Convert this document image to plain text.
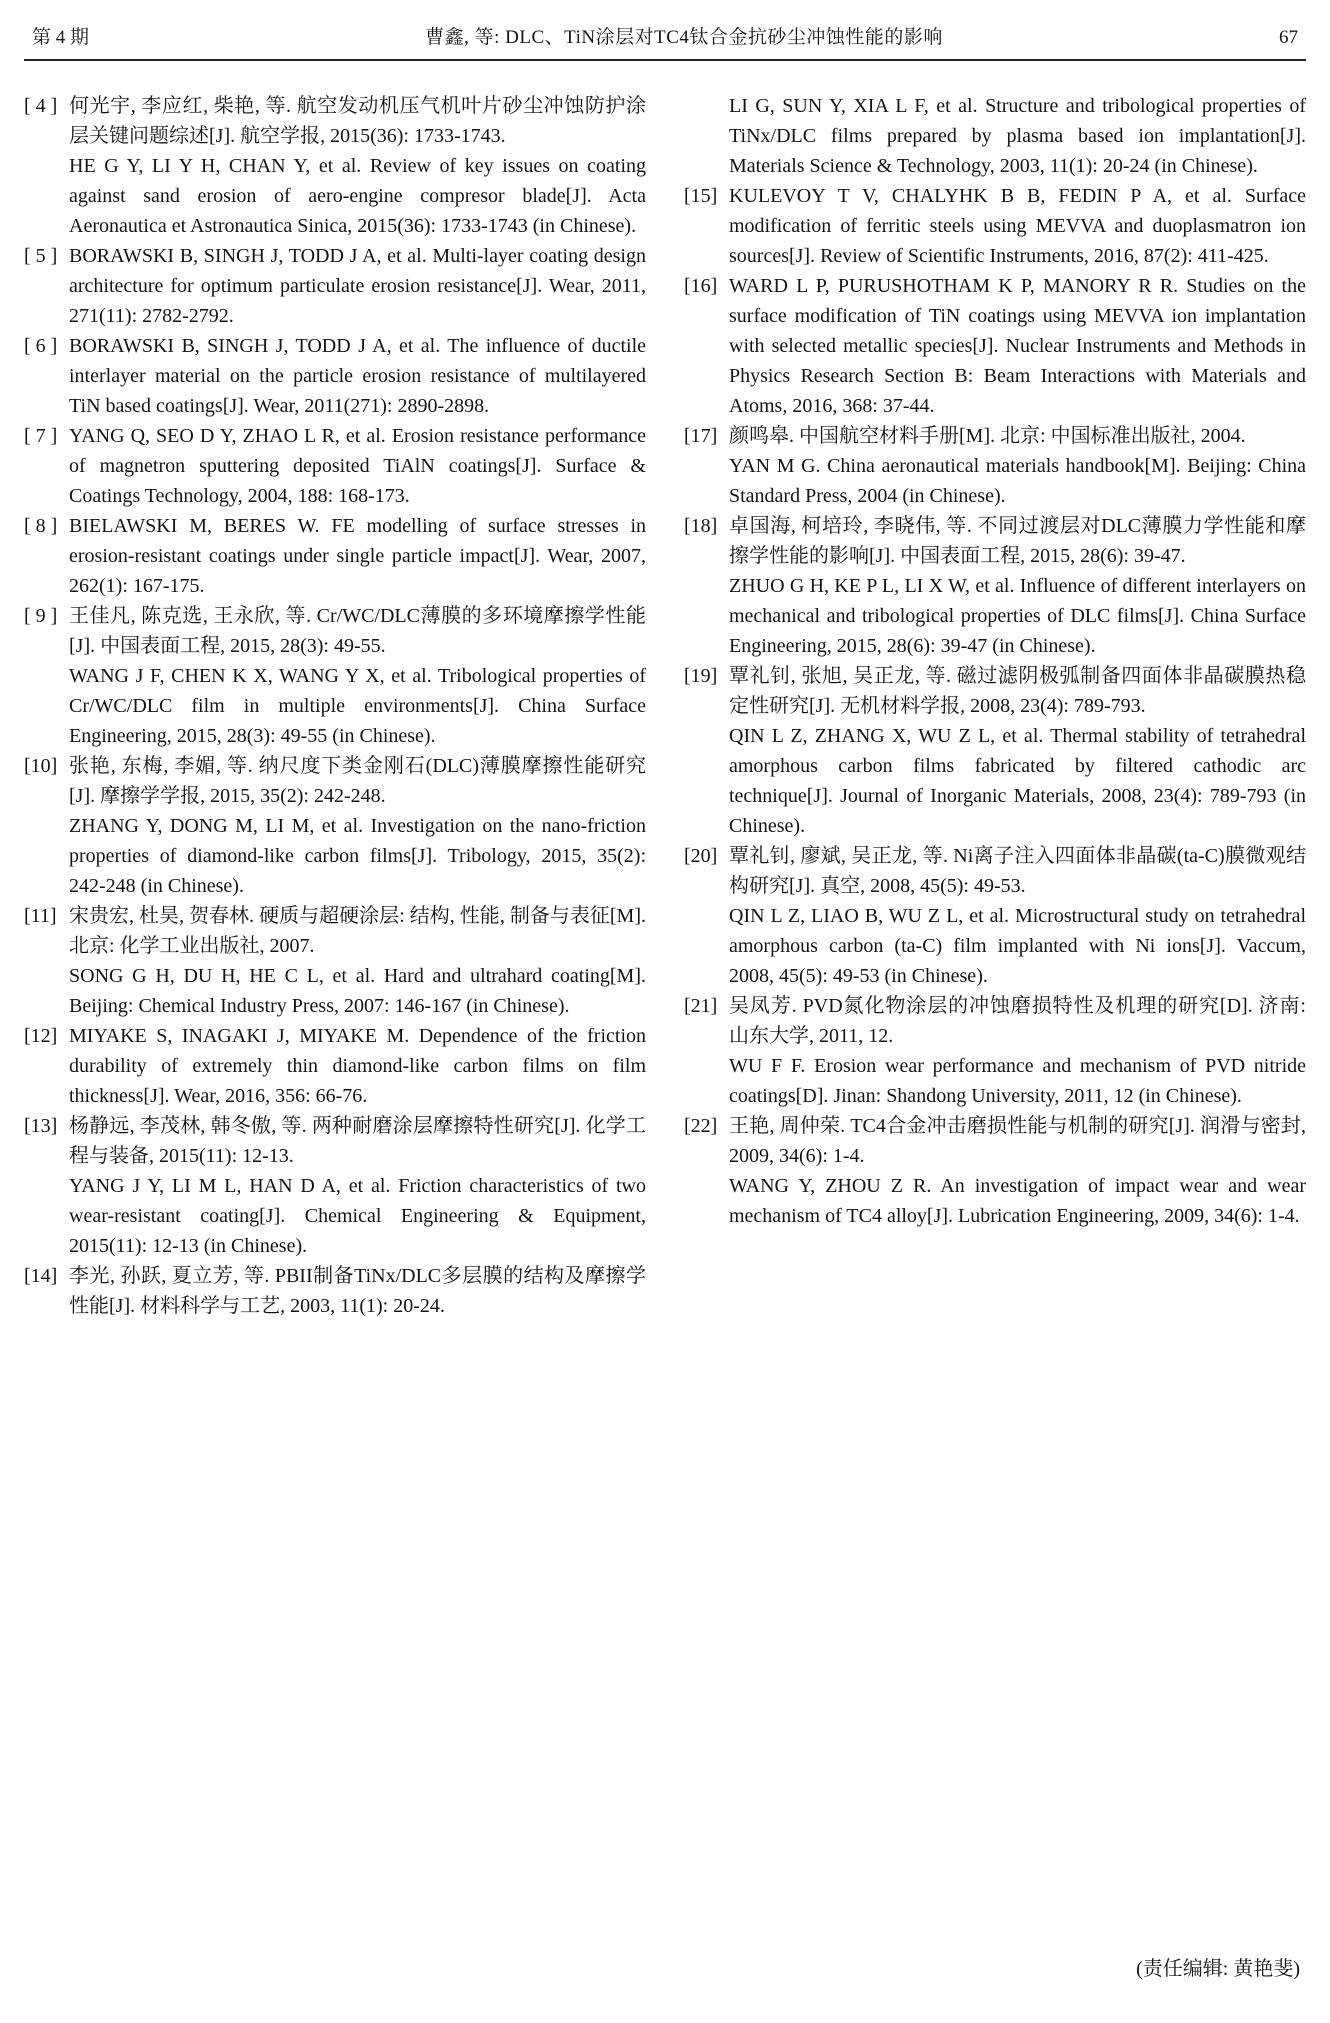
第 4 期	曹鑫, 等: DLC、TiN涂层对TC4钛合金抗砂尘冲蚀性能的影响	67
[ 4 ] 何光宇, 李应红, 柴艳, 等. 航空发动机压气机叶片砂尘冲蚀防护涂层关键问题综述[J]. 航空学报, 2015(36): 1733-1743.

HE G Y, LI Y H, CHAN Y, et al. Review of key issues on coating against sand erosion of aero-engine compresor blade[J]. Acta Aeronautica et Astronautica Sinica, 2015(36): 1733-1743 (in Chinese).

[ 5 ] BORAWSKI B, SINGH J, TODD J A, et al. Multi-layer coating design architecture for optimum particulate erosion resistance[J]. Wear, 2011, 271(11): 2782-2792.

[ 6 ] BORAWSKI B, SINGH J, TODD J A, et al. The influence of ductile interlayer material on the particle erosion resistance of multilayered TiN based coatings[J]. Wear, 2011(271): 2890-2898.

[ 7 ] YANG Q, SEO D Y, ZHAO L R, et al. Erosion resistance performance of magnetron sputtering deposited TiAlN coatings[J]. Surface & Coatings Technology, 2004, 188: 168-173.

[ 8 ] BIELAWSKI M, BERES W. FE modelling of surface stresses in erosion-resistant coatings under single particle impact[J]. Wear, 2007, 262(1): 167-175.

[ 9 ] 王佳凡, 陈克选, 王永欣, 等. Cr/WC/DLC薄膜的多环境摩擦学性能[J]. 中国表面工程, 2015, 28(3): 49-55.

WANG J F, CHEN K X, WANG Y X, et al. Tribological properties of Cr/WC/DLC film in multiple environments[J]. China Surface Engineering, 2015, 28(3): 49-55 (in Chinese).

[10] 张艳, 东梅, 李媚, 等. 纳尺度下类金刚石(DLC)薄膜摩擦性能研究[J]. 摩擦学学报, 2015, 35(2): 242-248.

ZHANG Y, DONG M, LI M, et al. Investigation on the nano-friction properties of diamond-like carbon films[J]. Tribology, 2015, 35(2): 242-248 (in Chinese).

[11] 宋贵宏, 杜昊, 贺春林. 硬质与超硬涂层: 结构, 性能, 制备与表征[M]. 北京: 化学工业出版社, 2007.

SONG G H, DU H, HE C L, et al. Hard and ultrahard coating[M]. Beijing: Chemical Industry Press, 2007: 146-167 (in Chinese).

[12] MIYAKE S, INAGAKI J, MIYAKE M. Dependence of the friction durability of extremely thin diamond-like carbon films on film thickness[J]. Wear, 2016, 356: 66-76.

[13] 杨静远, 李茂林, 韩冬傲, 等. 两种耐磨涂层摩擦特性研究[J]. 化学工程与装备, 2015(11): 12-13.

YANG J Y, LI M L, HAN D A, et al. Friction characteristics of two wear-resistant coating[J]. Chemical Engineering & Equipment, 2015(11): 12-13 (in Chinese).

[14] 李光, 孙跃, 夏立芳, 等. PBII制备TiNx/DLC多层膜的结构及摩擦学性能[J]. 材料科学与工艺, 2003, 11(1): 20-24.

LI G, SUN Y, XIA L F, et al. Structure and tribological properties of TiNx/DLC films prepared by plasma based ion implantation[J]. Materials Science & Technology, 2003, 11(1): 20-24 (in Chinese).

[15] KULEVOY T V, CHALYHK B B, FEDIN P A, et al. Surface modification of ferritic steels using MEVVA and duoplasmatron ion sources[J]. Review of Scientific Instruments, 2016, 87(2): 411-425.

[16] WARD L P, PURUSHOTHAM K P, MANORY R R. Studies on the surface modification of TiN coatings using MEVVA ion implantation with selected metallic species[J]. Nuclear Instruments and Methods in Physics Research Section B: Beam Interactions with Materials and Atoms, 2016, 368: 37-44.

[17] 颜鸣皋. 中国航空材料手册[M]. 北京: 中国标准出版社, 2004.

YAN M G. China aeronautical materials handbook[M]. Beijing: China Standard Press, 2004 (in Chinese).

[18] 卓国海, 柯培玲, 李晓伟, 等. 不同过渡层对DLC薄膜力学性能和摩擦学性能的影响[J]. 中国表面工程, 2015, 28(6): 39-47.

ZHUO G H, KE P L, LI X W, et al. Influence of different interlayers on mechanical and tribological properties of DLC films[J]. China Surface Engineering, 2015, 28(6): 39-47 (in Chinese).

[19] 覃礼钊, 张旭, 吴正龙, 等. 磁过滤阴极弧制备四面体非晶碳膜热稳定性研究[J]. 无机材料学报, 2008, 23(4): 789-793.

QIN L Z, ZHANG X, WU Z L, et al. Thermal stability of tetrahedral amorphous carbon films fabricated by filtered cathodic arc technique[J]. Journal of Inorganic Materials, 2008, 23(4): 789-793 (in Chinese).

[20] 覃礼钊, 廖斌, 吴正龙, 等. Ni离子注入四面体非晶碳(ta-C)膜微观结构研究[J]. 真空, 2008, 45(5): 49-53.

QIN L Z, LIAO B, WU Z L, et al. Microstructural study on tetrahedral amorphous carbon (ta-C) film implanted with Ni ions[J]. Vaccum, 2008, 45(5): 49-53 (in Chinese).

[21] 吴凤芳. PVD氮化物涂层的冲蚀磨损特性及机理的研究[D]. 济南: 山东大学, 2011, 12.

WU F F. Erosion wear performance and mechanism of PVD nitride coatings[D]. Jinan: Shandong University, 2011, 12 (in Chinese).

[22] 王艳, 周仲荣. TC4合金冲击磨损性能与机制的研究[J]. 润滑与密封, 2009, 34(6): 1-4.

WANG Y, ZHOU Z R. An investigation of impact wear and wear mechanism of TC4 alloy[J]. Lubrication Engineering, 2009, 34(6): 1-4.

(责任编辑: 黄艳斐)
